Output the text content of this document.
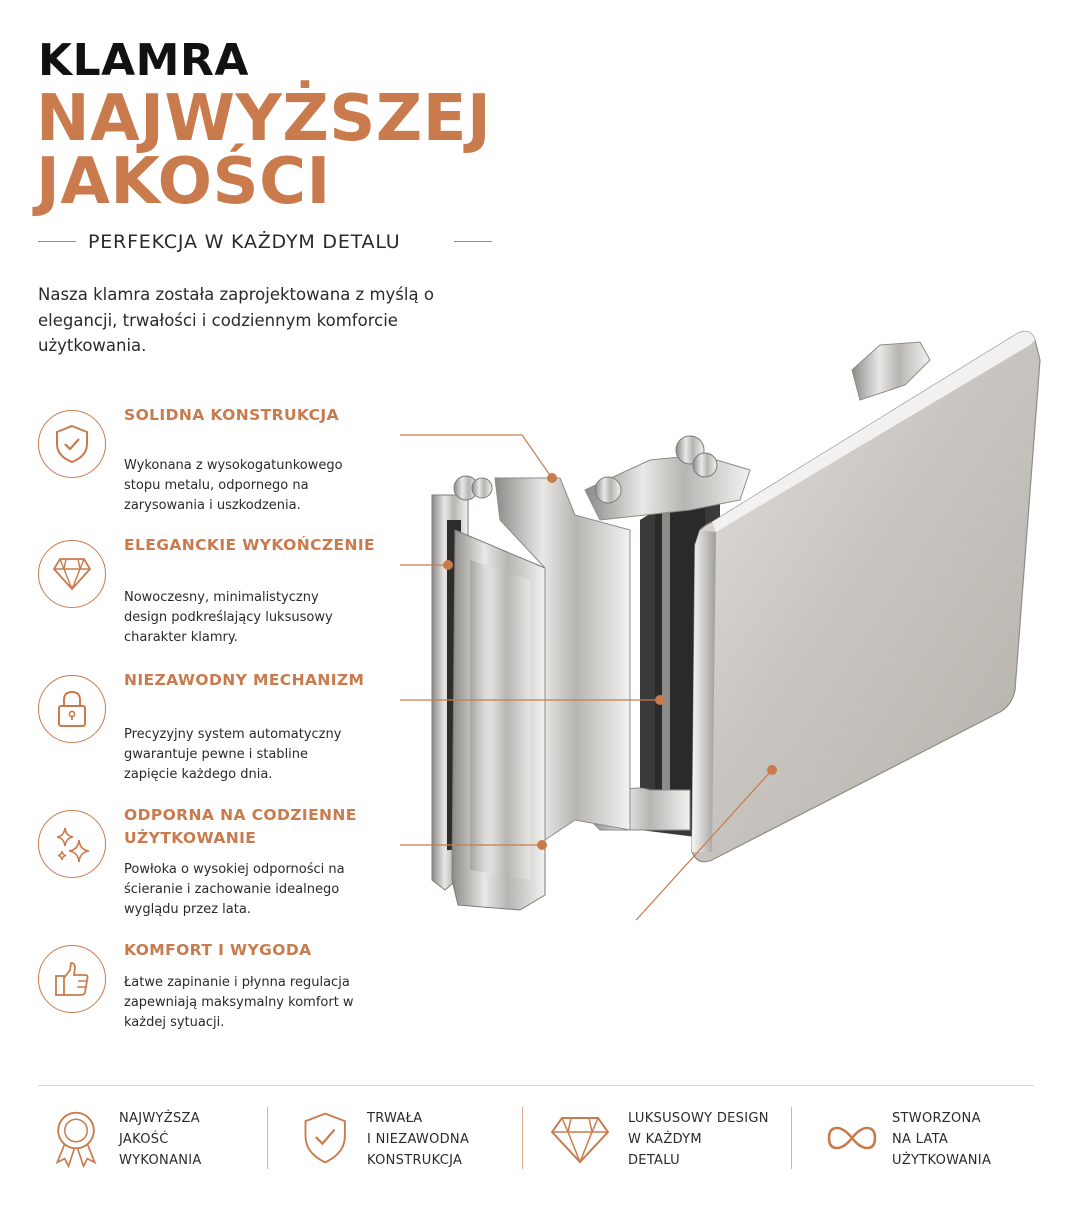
KLAMRA
NAJWYŻSZEJ
JAKOŚCI
PERFEKCJA W KAŻDYM DETALU
Nasza klamra została zaprojektowana z myślą o elegancji, trwałości i codziennym komforcie użytkowania.
SOLIDNA KONSTRUKCJA
Wykonana z wysokogatunkowego stopu metalu, odpornego na zarysowania i uszkodzenia.
ELEGANCKIE WYKOŃCZENIE
Nowoczesny, minimalistyczny design podkreślający luksusowy charakter klamry.
NIEZAWODNY MECHANIZM
Precyzyjny system automatyczny gwarantuje pewne i stabline zapięcie każdego dnia.
ODPORNA NA CODZIENNE UŻYTKOWANIE
Powłoka o wysokiej odporności na ścieranie i zachowanie idealnego wyglądu przez lata.
KOMFORT I WYGODA
Łatwe zapinanie i płynna regulacja zapewniają maksymalny komfort w każdej sytuacji.
NAJWYŻSZA
JAKOŚĆ
WYKONANIA
TRWAŁA
I NIEZAWODNA
KONSTRUKCJA
LUKSUSOWY DESIGN
W KAŻDYM
DETALU
STWORZONA
NA LATA
UŻYTKOWANIA
